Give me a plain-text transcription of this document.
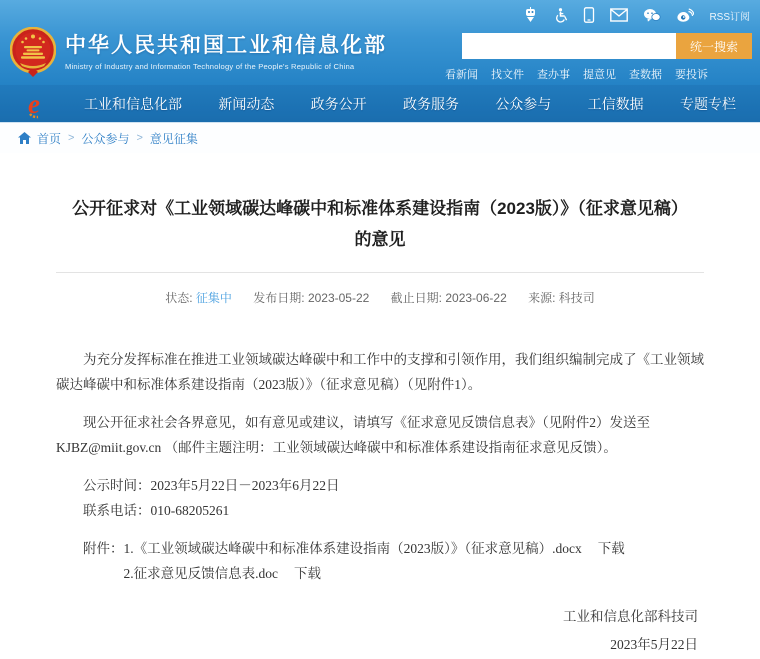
RSS订阅
中华人民共和国工业和信息化部
Ministry of Industry and Information Technology of the People's Republic of China
统一搜索
看新闻 找文件 查办事 提意见 查数据 要投诉
e	工业和信息化部	新闻动态	政务公开	政务服务	公众参与	工信数据	专题专栏
首页 > 公众参与 > 意见征集
公开征求对《工业领域碳达峰碳中和标准体系建设指南（2023版）》（征求意见稿）
的意见
状态: 征集中 发布日期: 2023-05-22 截止日期: 2023-06-22 来源: 科技司

为充分发挥标准在推进工业领域碳达峰碳中和工作中的支撑和引领作用，我们组织编制完成了《工业领域碳达峰碳中和标准体系建设指南（2023版）》（征求意见稿）（见附件1）。

现公开征求社会各界意见，如有意见或建议，请填写《征求意见反馈信息表》（见附件2）发送至 KJBZ@miit.gov.cn （邮件主题注明：工业领域碳达峰碳中和标准体系建设指南征求意见反馈）。

公示时间：2023年5月22日－2023年6月22日
联系电话：010-68205261
附件：1.《工业领域碳达峰碳中和标准体系建设指南（2023版）》（征求意见稿）.docx 下载
2.征求意见反馈信息表.doc 下载
工业和信息化部科技司
2023年5月22日
